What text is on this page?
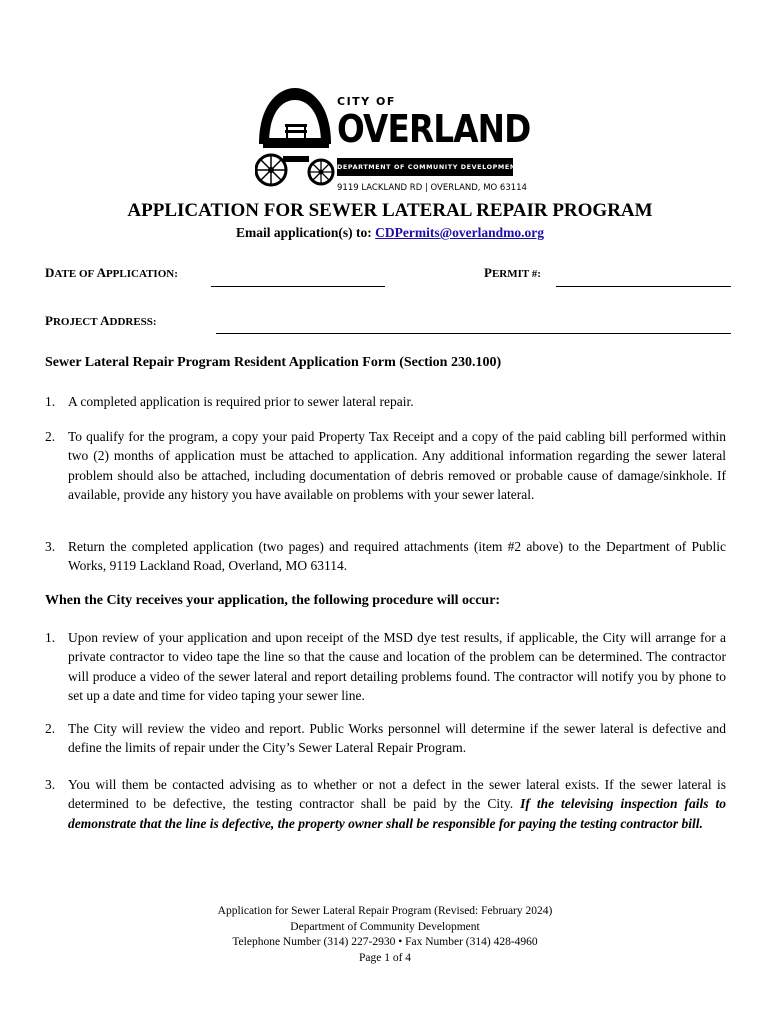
CITY OF
OVERLAND
DEPARTMENT OF COMMUNITY DEVELOPMENT
9119 LACKLAND RD | OVERLAND, MO 63114
APPLICATION FOR SEWER LATERAL REPAIR PROGRAM
Email application(s) to: CDPermits@overlandmo.org
DATE OF APPLICATION:	PERMIT #:
PROJECT ADDRESS:
Sewer Lateral Repair Program Resident Application Form (Section 230.100)
1. A completed application is required prior to sewer lateral repair.
2. To qualify for the program, a copy your paid Property Tax Receipt and a copy of the paid cabling bill performed within two (2) months of application must be attached to application. Any additional information regarding the sewer lateral problem should also be attached, including documentation of debris removed or probable cause of damage/sinkhole. If available, provide any history you have available on problems with your sewer lateral.
3. Return the completed application (two pages) and required attachments (item #2 above) to the Department of Public Works, 9119 Lackland Road, Overland, MO 63114.
When the City receives your application, the following procedure will occur:
1. Upon review of your application and upon receipt of the MSD dye test results, if applicable, the City will arrange for a private contractor to video tape the line so that the cause and location of the problem can be determined. The contractor will produce a video of the sewer lateral and report detailing problems found. The contractor will notify you by phone to set up a date and time for video taping your sewer line.
2. The City will review the video and report. Public Works personnel will determine if the sewer lateral is defective and define the limits of repair under the City’s Sewer Lateral Repair Program.
3. You will them be contacted advising as to whether or not a defect in the sewer lateral exists. If the sewer lateral is determined to be defective, the testing contractor shall be paid by the City. If the televising inspection fails to demonstrate that the line is defective, the property owner shall be responsible for paying the testing contractor bill.
Application for Sewer Lateral Repair Program (Revised: February 2024)
Department of Community Development
Telephone Number (314) 227-2930 • Fax Number (314) 428-4960
Page 1 of 4
